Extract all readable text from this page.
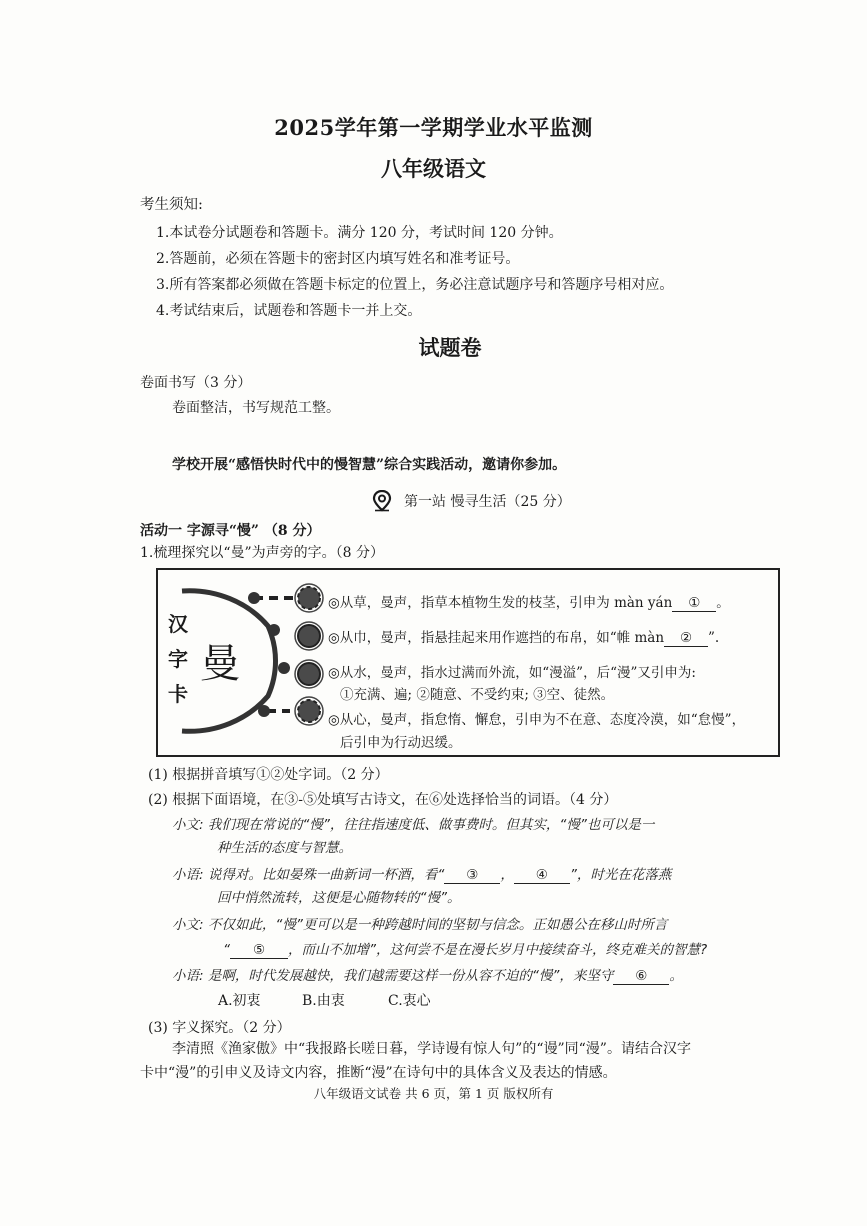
2025学年第一学期学业水平监测
八年级语文
考生须知:
1.本试卷分试题卷和答题卡。满分 120 分，考试时间 120 分钟。
2.答题前，必须在答题卡的密封区内填写姓名和准考证号。
3.所有答案都必须做在答题卡标定的位置上，务必注意试题序号和答题序号相对应。
4.考试结束后，试题卷和答题卡一并上交。
试题卷
卷面书写（3 分）
卷面整洁，书写规范工整。
学校开展“感悟快时代中的慢智慧”综合实践活动，邀请你参加。
第一站 慢寻生活（25 分）
活动一 字源寻“慢” （8 分）
1.梳理探究以“曼”为声旁的字。（8 分）
汉
字
卡
曼
◎从草，曼声，指草本植物生发的枝茎，引申为 màn yán ① 。
◎从巾，曼声，指悬挂起来用作遮挡的布帛，如“帷 màn ② ”.
◎从水，曼声，指水过满而外流，如“漫溢”，后“漫”又引申为:
①充满、遍; ②随意、不受约束; ③空、徒然。
◎从心，曼声，指怠惰、懈怠，引申为不在意、态度冷漠，如“怠慢”，
后引申为行动迟缓。
(1) 根据拼音填写①②处字词。（2 分）
(2) 根据下面语境，在③-⑤处填写古诗文，在⑥处选择恰当的词语。（4 分）
小文: 我们现在常说的“慢”，往往指速度低、做事费时。但其实，“慢”也可以是一
种生活的态度与智慧。
小语: 说得对。比如晏殊一曲新词一杯酒，看“ ③ ， ④ ”，时光在花落燕
回中悄然流转，这便是心随物转的“慢”。
小文: 不仅如此，“慢”更可以是一种跨越时间的坚韧与信念。正如愚公在移山时所言
“ ⑤ ，而山不加增”，这何尝不是在漫长岁月中接续奋斗，终克难关的智慧?
小语: 是啊，时代发展越快，我们越需要这样一份从容不迫的“慢”，来坚守 ⑥ 。
A.初衷	B.由衷	C.衷心
(3) 字义探究。（2 分）
李清照《渔家傲》中“我报路长嗟日暮，学诗谩有惊人句”的“谩”同“漫”。请结合汉字
卡中“漫”的引申义及诗文内容，推断“漫”在诗句中的具体含义及表达的情感。
八年级语文试卷 共 6 页，第 1 页 版权所有
